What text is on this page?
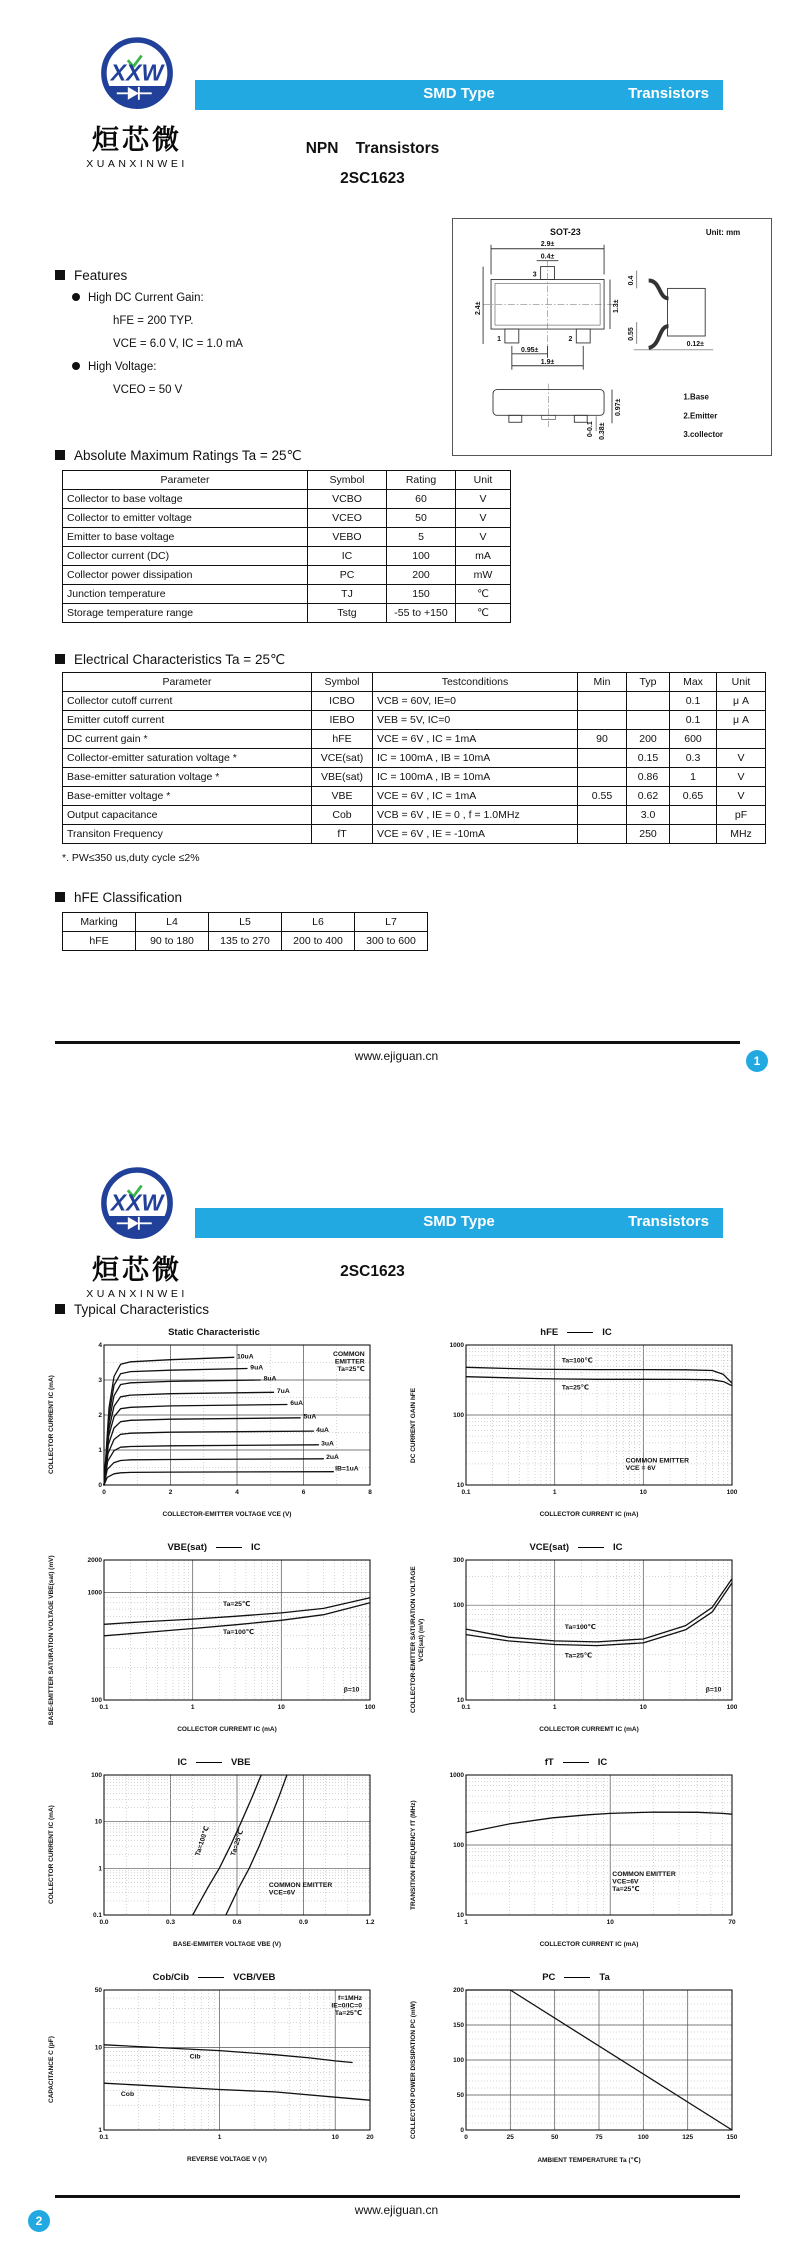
XXW
烜芯微
XUANXINWEI
SMD Type	Transistors
NPN    Transistors
2SC1623
Features
High DC Current Gain:
hFE = 200 TYP.
VCE = 6.0 V, IC = 1.0 mA
High Voltage:
VCEO = 50 V
SOT-23	Unit: mm
2.9±
0.4±
3
2.4±	1.3±
1	2
0.95±
1.9±
0.4
0.55
0.12±
0.97±
0-0.1 0.38±
1.Base
2.Emitter
3.collector
Absolute Maximum Ratings Ta = 25℃
Parameter	Symbol	Rating	Unit
Collector to base voltage	VCBO	60	V
Collector to emitter voltage	VCEO	50	V
Emitter to base voltage	VEBO	5	V
Collector current (DC)	IC	100	mA
Collector power dissipation	PC	200	mW
Junction temperature	TJ	150	℃
Storage temperature range	Tstg	-55 to +150	℃
Electrical Characteristics Ta = 25℃
Parameter	Symbol	Testconditions	Min	Typ	Max	Unit
Collector cutoff current	ICBO	VCB = 60V, IE=0			0.1	μ A
Emitter cutoff current	IEBO	VEB = 5V, IC=0			0.1	μ A
DC current gain *	hFE	VCE = 6V , IC = 1mA	90	200	600	
Collector-emitter saturation voltage *	VCE(sat)	IC = 100mA , IB = 10mA		0.15	0.3	V
Base-emitter saturation voltage *	VBE(sat)	IC = 100mA , IB = 10mA		0.86	1	V
Base-emitter voltage *	VBE	VCE = 6V , IC = 1mA	0.55	0.62	0.65	V
Output capacitance	Cob	VCB = 6V , IE = 0 , f = 1.0MHz		3.0		pF
Transiton Frequency	fT	VCE = 6V , IE = -10mA		250		MHz
*. PW≤350 us,duty cycle ≤2%
hFE Classification
Marking	L4	L5	L6	L7
hFE	90 to 180	135 to 270	200 to 400	300 to 600
www.ejiguan.cn	1
XXW
烜芯微
XUANXINWEI
SMD Type	Transistors
2SC1623
Typical Characteristics
Static Characteristic
COLLECTOR CURRENT IC (mA)
0	2	4	6	8
0
1
2
3
4
10uA
9uA
8uA
7uA
6uA
5uA
4uA
3uA
2uA
IB=1uA
COMMON
EMITTER
Ta=25℃
COLLECTOR-EMITTER VOLTAGE VCE (V)
hFE	IC
DC CURRENT GAIN hFE
0.1	1	10	100
10
100
1000
Ta=100℃
Ta=25℃
COMMON EMITTER
VCE = 6V
COLLECTOR CURRENT IC (mA)
VBE(sat)	IC
BASE-EMITTER SATURATION VOLTAGE VBE(sat) (mV)	0.1	1	10	100
100
1000
2000
Ta=25℃
Ta=100℃
β=10
COLLECTOR CURREMT IC (mA)
VCE(sat)	IC
COLLECTOR-EMITTER SATURATION VOLTAGE VCE(sat) (mV)
0.1	1	10	100
10
100
300
Ta=100℃
Ta=25℃
β=10
COLLECTOR CURREMT IC (mA)
IC	VBE
COLLECTOR CURRENT IC (mA)
0.0	0.3	0.6	0.9	1.2
0.1
1
10
100
Ta=100℃	Ta=25℃
COMMON EMITTER
VCE=6V
BASE-EMMITER VOLTAGE VBE (V)
fT	IC
TRANSITION FREQUENCY fT (MHz)
1	10	70
10
100
1000
COMMON EMITTER
VCE=6V
Ta=25℃
COLLECTOR CURRENT IC (mA)
Cob/Cib	VCB/VEB
CAPACITANCE C (pF)
0.1	1	10	20
1
10
50
Cib
Cob
f=1MHz
IE=0/IC=0
Ta=25℃
REVERSE VOLTAGE V (V)
PC	Ta
COLLECTOR POWER DISSIPATION PC (mW)	0	25	50	75	100	125	150
0
50
100
150
200
AMBIENT TEMPERATURE Ta (℃)
www.ejiguan.cn
2
